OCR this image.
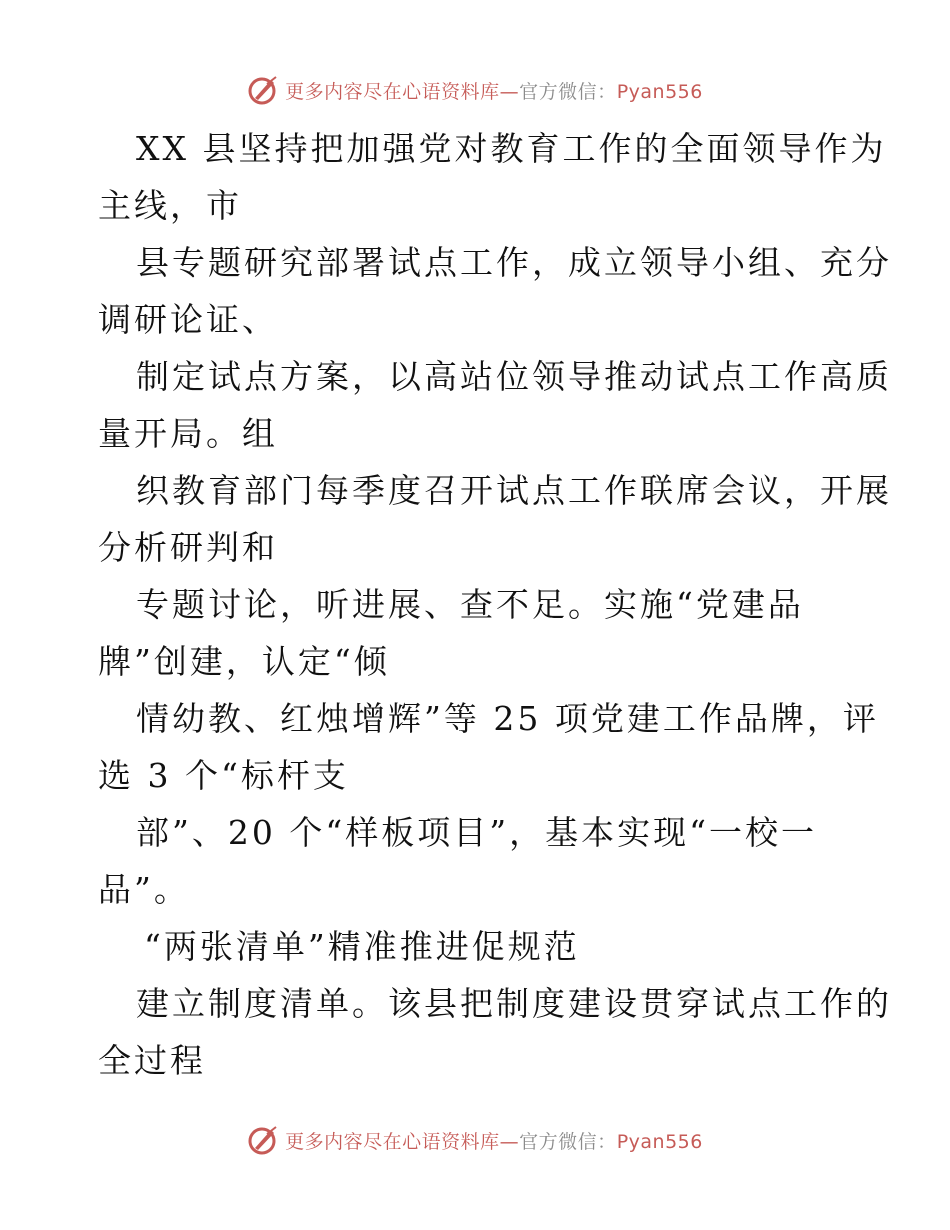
更多内容尽在心语资料库—官方微信：Pyan556
XX 县坚持把加强党对教育工作的全面领导作为
主线，市
县专题研究部署试点工作，成立领导小组、充分
调研论证、
制定试点方案，以高站位领导推动试点工作高质
量开局。组
织教育部门每季度召开试点工作联席会议，开展
分析研判和
专题讨论，听进展、查不足。实施“党建品
牌”创建，认定“倾
情幼教、红烛增辉”等 25 项党建工作品牌，评
选 3 个“标杆支
部”、20 个“样板项目”，基本实现“一校一
品”。
“两张清单”精准推进促规范
建立制度清单。该县把制度建设贯穿试点工作的
全过程
更多内容尽在心语资料库—官方微信：Pyan556
